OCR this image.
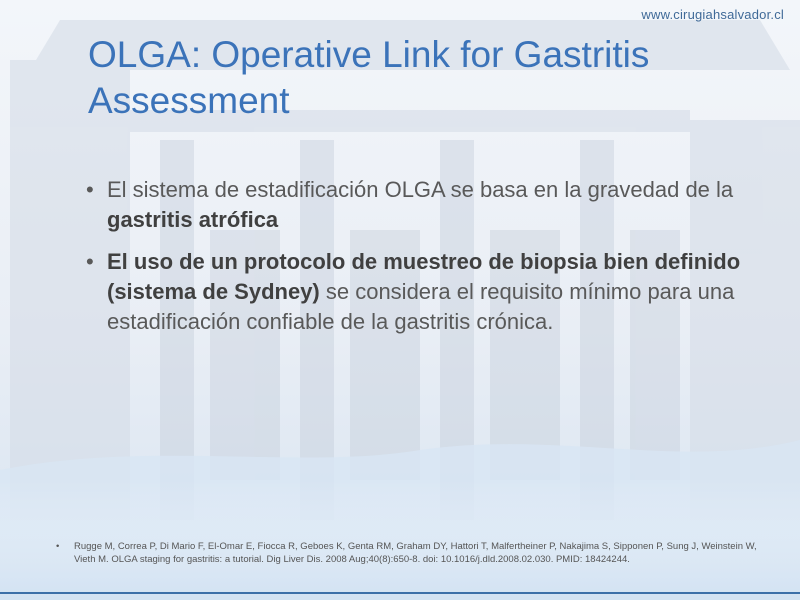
www.cirugiahsalvador.cl
OLGA: Operative Link for Gastritis Assessment
• El sistema de estadificación OLGA se basa en la gravedad de la gastritis atrófica
• El uso de un protocolo de muestreo de biopsia bien definido (sistema de Sydney) se considera el requisito mínimo para una estadificación confiable de la gastritis crónica.
•	Rugge M, Correa P, Di Mario F, El-Omar E, Fiocca R, Geboes K, Genta RM, Graham DY, Hattori T, Malfertheiner P, Nakajima S, Sipponen P, Sung J, Weinstein W, Vieth M. OLGA staging for gastritis: a tutorial. Dig Liver Dis. 2008 Aug;40(8):650-8. doi: 10.1016/j.dld.2008.02.030. PMID: 18424244.
